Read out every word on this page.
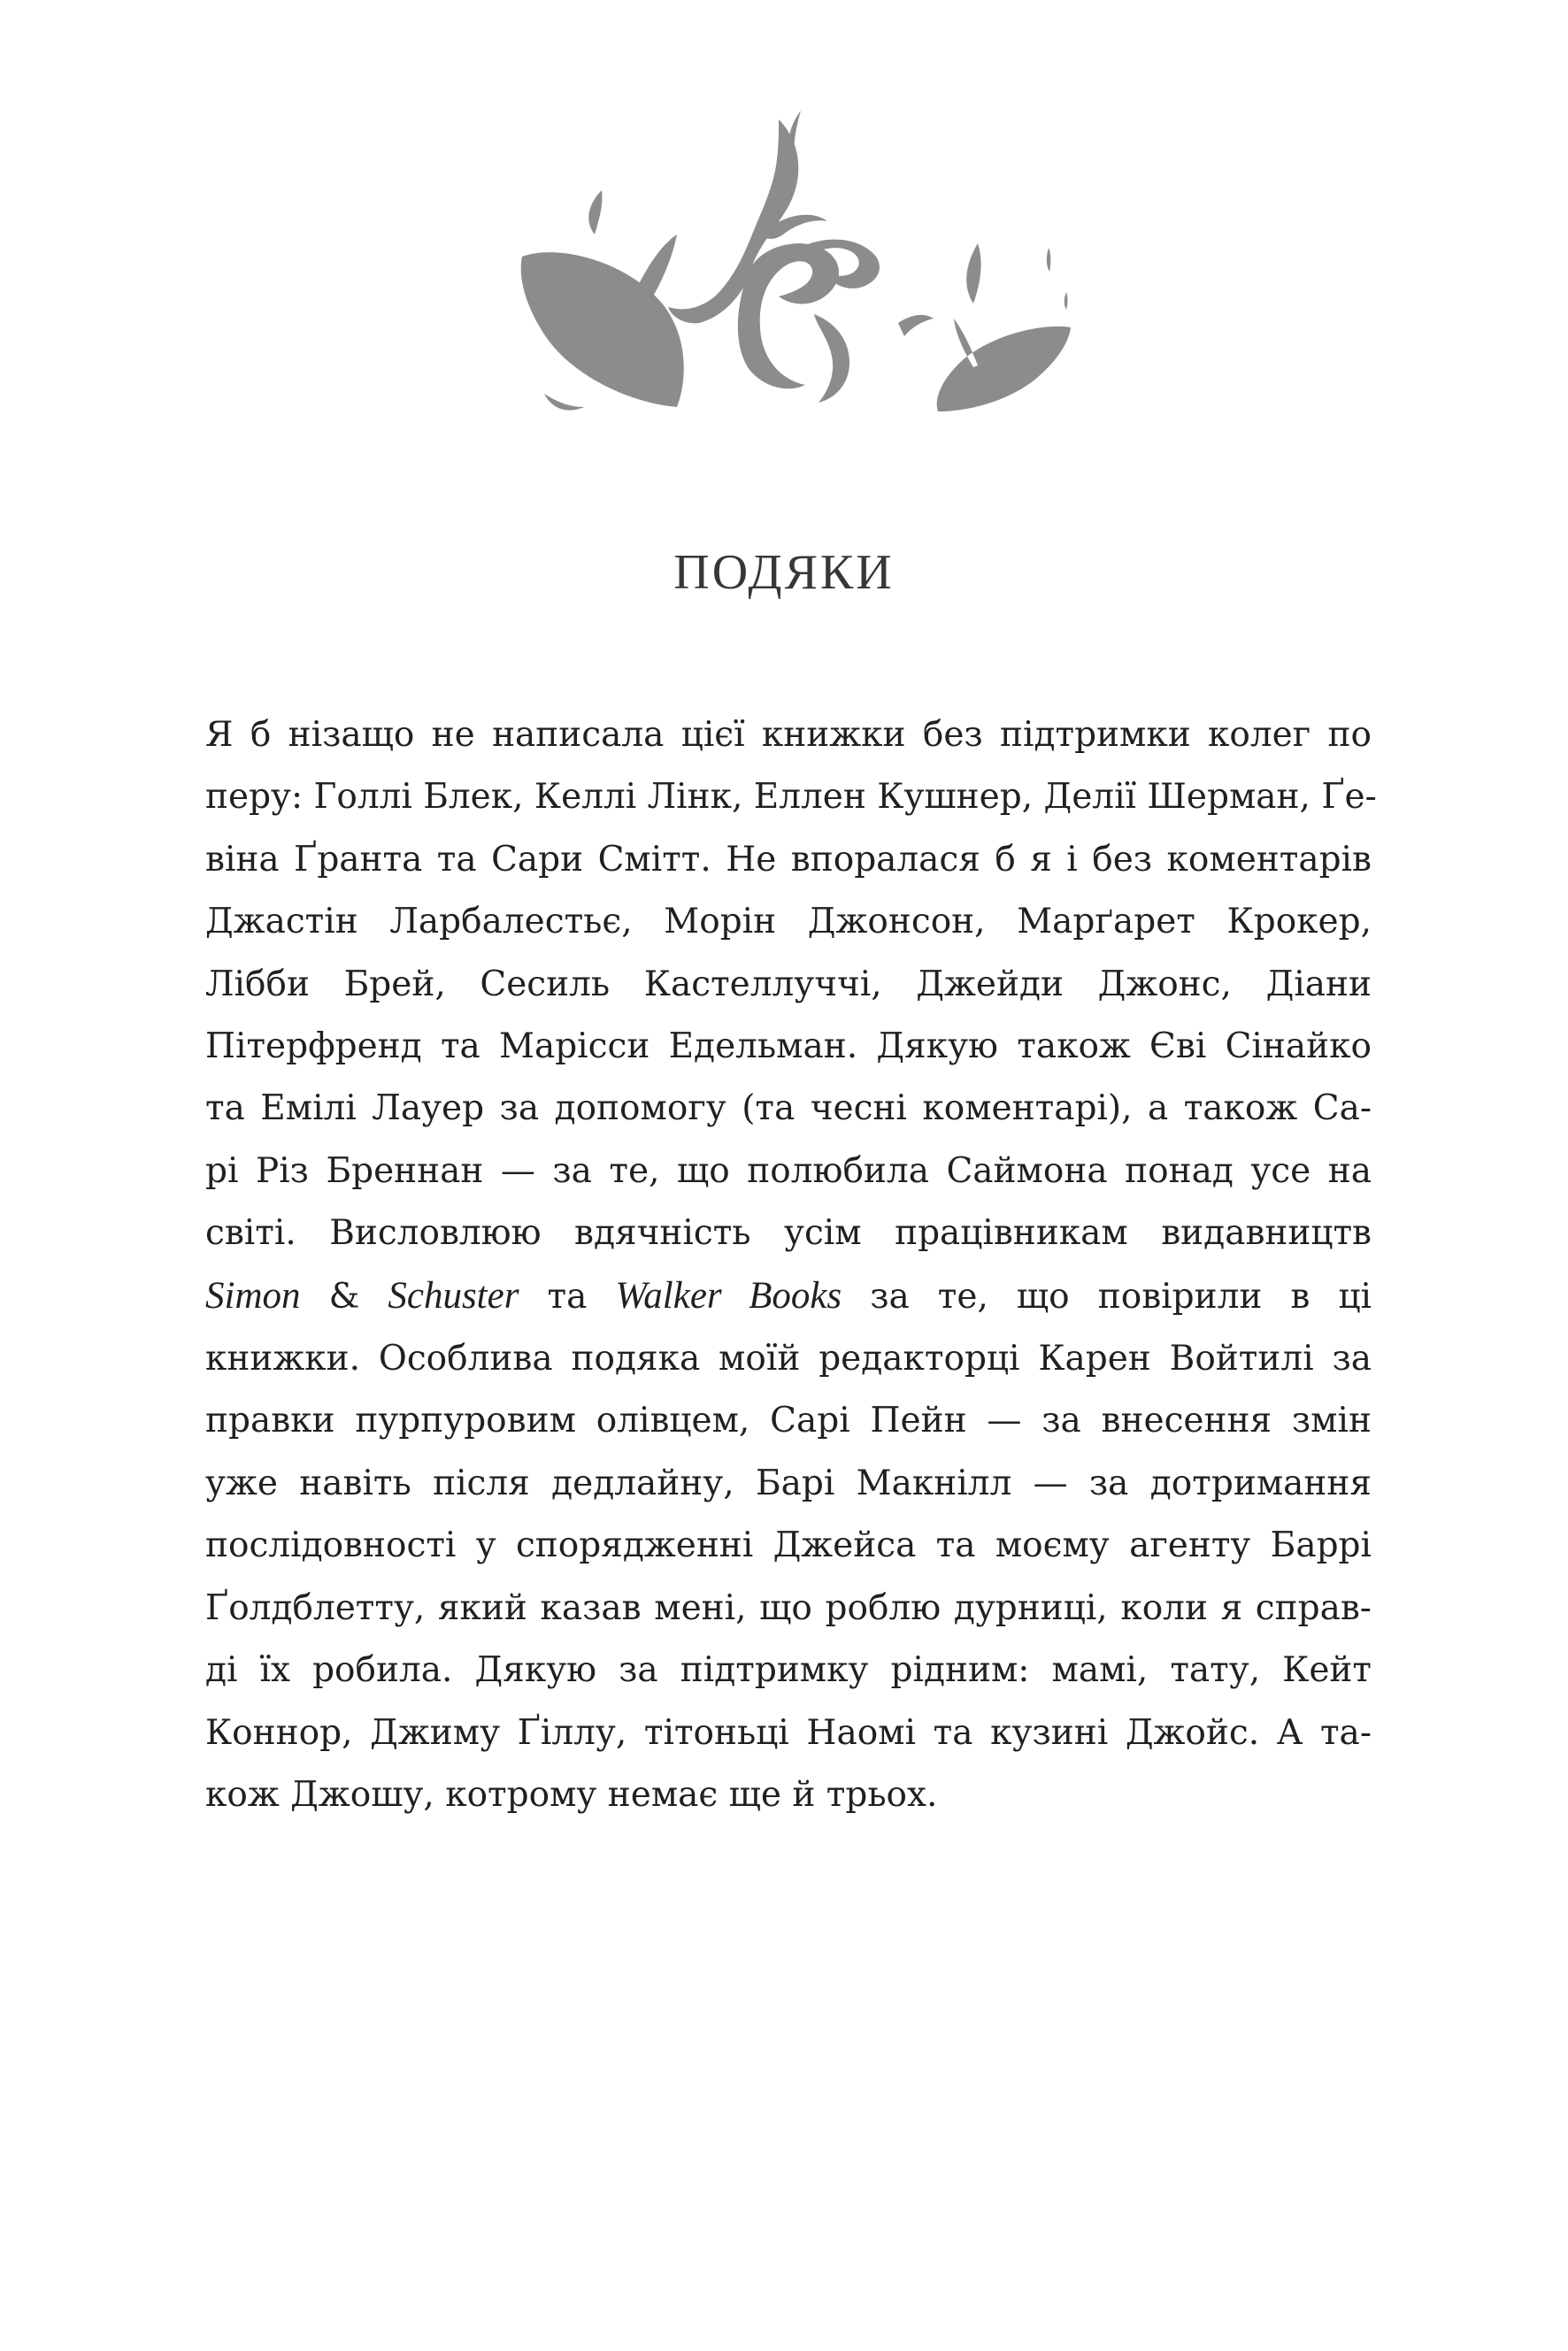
ПОДЯКИ
Я б нізащо не написала цієї книжки без підтримки колег по
перу: Голлі Блек, Келлі Лінк, Еллен Кушнер, Делії Шерман, Ґе-
віна Ґранта та Сари Смітт. Не впоралася б я і без коментарів
Джастін Ларбалестьє, Морін Джонсон, Марґарет Крокер,
Лібби Брей, Сесиль Кастеллуччі, Джейди Джонс, Діани
Пітерфренд та Марісси Едельман. Дякую також Єві Сінайко
та Емілі Лауер за допомогу (та чесні коментарі), а також Са-
рі Різ Бреннан — за те, що полюбила Саймона понад усе на
світі. Висловлюю вдячність усім працівникам видавництв
Simon & Schuster та Walker Books за те, що повірили в ці
книжки. Особлива подяка моїй редакторці Карен Войтилі за
правки пурпуровим олівцем, Сарі Пейн — за внесення змін
уже навіть після дедлайну, Барі Макнілл — за дотримання
послідовності у спорядженні Джейса та моєму агенту Баррі
Ґолдблетту, який казав мені, що роблю дурниці, коли я справ-
ді їх робила. Дякую за підтримку рідним: мамі, тату, Кейт
Коннор, Джиму Ґіллу, тітоньці Наомі та кузині Джойс. А та-
кож Джошу, котрому немає ще й трьох.
